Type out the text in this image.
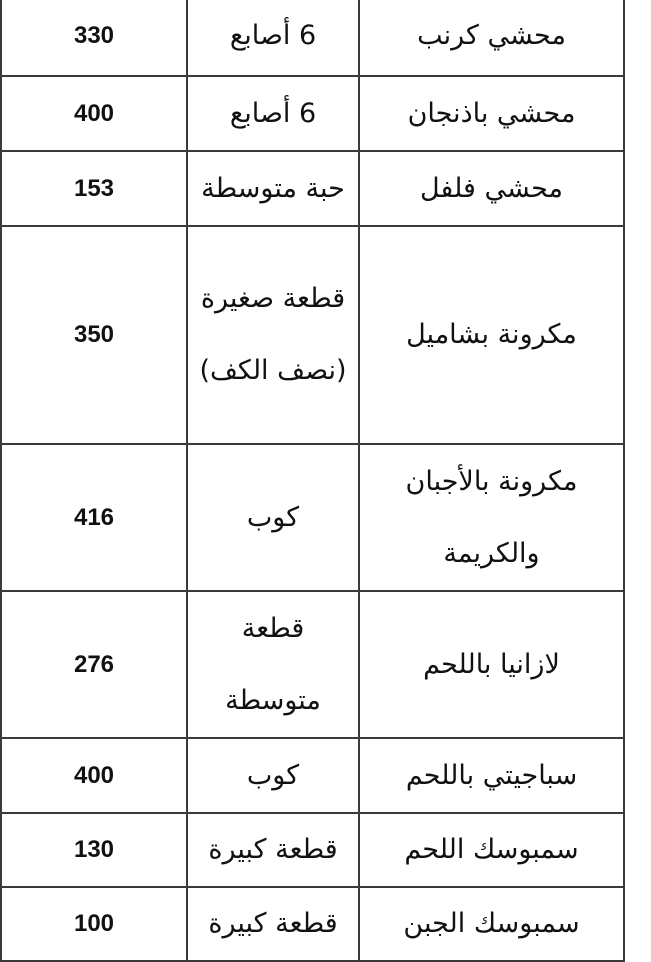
330	6 أصابع	محشي كرنب
400	6 أصابع	محشي باذنجان
153	حبة متوسطة	محشي فلفل
350	قطعة صغيرة (نصف الكف)	مكرونة بشاميل
416	كوب	مكرونة بالأجبان والكريمة
276	قطعة متوسطة	لازانيا باللحم
400	كوب	سباجيتي باللحم
130	قطعة كبيرة	سمبوسك اللحم
100	قطعة كبيرة	سمبوسك الجبن
